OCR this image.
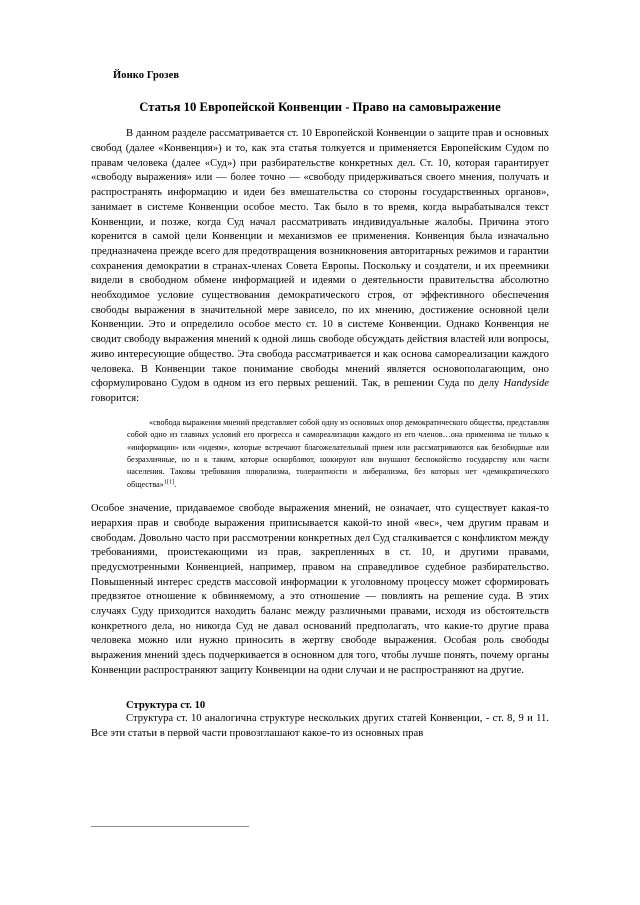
Йонко Грозев
Статья 10 Европейской Конвенции - Право на самовыражение

В данном разделе рассматривается ст. 10 Европейской Конвенции о защите прав и основных свобод (далее «Конвенция») и то, как эта статья толкуется и применяется Европейским Судом по правам человека (далее «Суд») при разбирательстве конкретных дел. Ст. 10, которая гарантирует «свободу выражения» или — более точно — «свободу придерживаться своего мнения, получать и распространять информацию и идеи без вмешательства со стороны государственных органов», занимает в системе Конвенции особое место. Так было в то время, когда вырабатывался текст Конвенции, и позже, когда Суд начал рассматривать индивидуальные жалобы. Причина этого коренится в самой цели Конвенции и механизмов ее применения. Конвенция была изначально предназначена прежде всего для предотвращения возникновения авторитарных режимов и гарантии сохранения демократии в странах-членах Совета Европы. Поскольку и создатели, и их преемники видели в свободном обмене информацией и идеями о деятельности правительства абсолютно необходимое условие существования демократического строя, от эффективного обеспечения свободы выражения в значительной мере зависело, по их мнению, достижение основной цели Конвенции. Это и определило особое место ст. 10 в системе Конвенции. Однако Конвенция не сводит свободу выражения мнений к одной лишь свободе обсуждать действия властей или вопросы, живо интересующие общество. Эта свобода рассматривается и как основа самореализации каждого человека. В Конвенции такое понимание свободы мнений является основополагающим, оно сформулировано Судом в одном из его первых решений. Так, в решении Суда по делу Handyside говорится:

«свобода выражения мнений представляет собой одну из основных опор демократического общества, представляя собой одно из главных условий его прогресса и самореализации каждого из его членов…она применима не только к «информации» или «идеям», которые встречают благожелательный прием или рассматриваются как безобидные или безразличные, но и к таким, которые оскорбляют, шокируют или внушают беспокойство государству или части населения. Таковы требования плюрализма, толерантности и либерализма, без которых нет «демократического общества»$^{1[1]}$.

Особое значение, придаваемое свободе выражения мнений, не означает, что существует какая-то иерархия прав и свободе выражения приписывается какой-то иной «вес», чем другим правам и свободам. Довольно часто при рассмотрении конкретных дел Суд сталкивается с конфликтом между требованиями, проистекающими из прав, закрепленных в ст. 10, и другими правами, предусмотренными Конвенцией, например, правом на справедливое судебное разбирательство. Повышенный интерес средств массовой информации к уголовному процессу может сформировать предвзятое отношение к обвиняемому, а это отношение — повлиять на решение суда. В этих случаях Суду приходится находить баланс между различными правами, исходя из обстоятельств конкретного дела, но никогда Суд не давал оснований предполагать, что какие-то другие права человека можно или нужно приносить в жертву свободе выражения. Особая роль свободы выражения мнений здесь подчеркивается в основном для того, чтобы лучше понять, почему органы Конвенции распространяют защиту Конвенции на одни случаи и не распространяют на другие.

Структура ст. 10

Структура ст. 10 аналогична структуре нескольких других статей Конвенции, - ст. 8, 9 и 11. Все эти статьи в первой части провозглашают какое-то из основных прав
